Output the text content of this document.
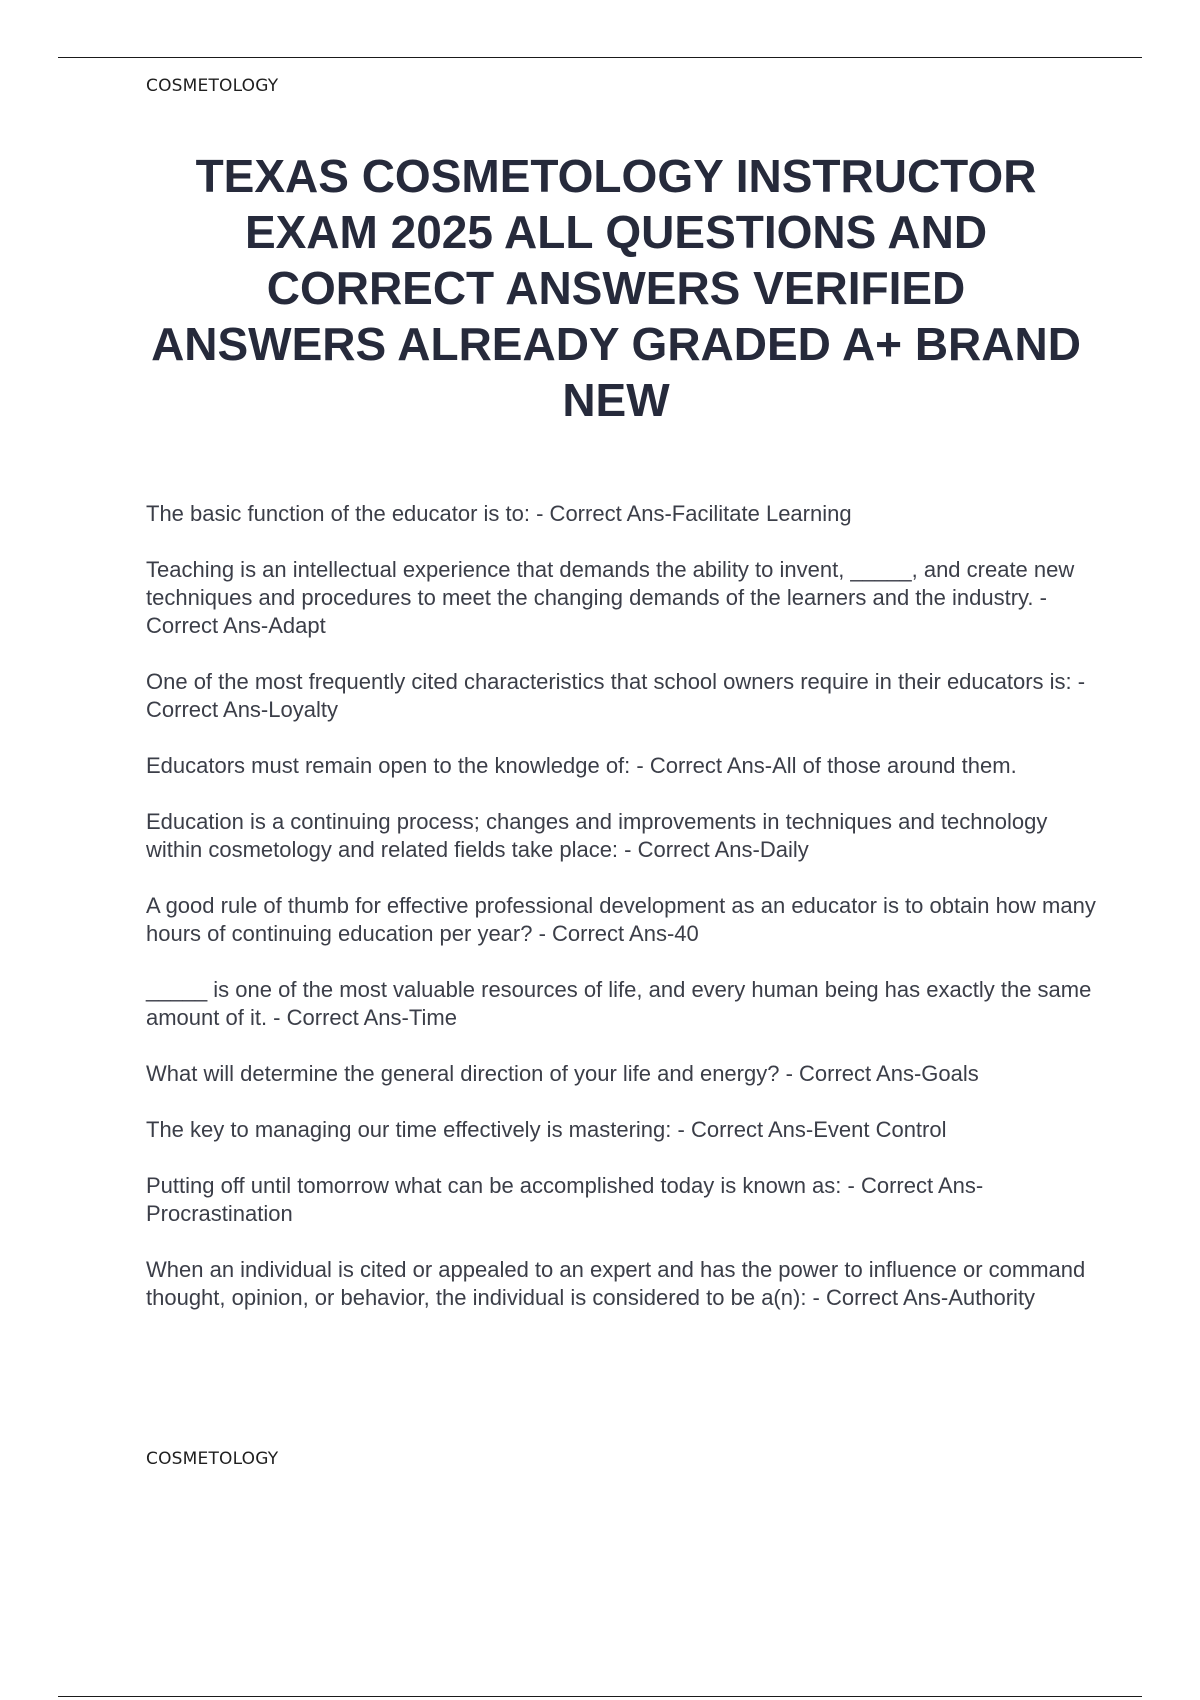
COSMETOLOGY
TEXAS COSMETOLOGY INSTRUCTOR EXAM 2025 ALL QUESTIONS AND CORRECT ANSWERS VERIFIED ANSWERS ALREADY GRADED A+ BRAND NEW
The basic function of the educator is to: - Correct Ans-Facilitate Learning
Teaching is an intellectual experience that demands the ability to invent, _____, and create new techniques and procedures to meet the changing demands of the learners and the industry. - Correct Ans-Adapt
One of the most frequently cited characteristics that school owners require in their educators is: - Correct Ans-Loyalty
Educators must remain open to the knowledge of: - Correct Ans-All of those around them.
Education is a continuing process; changes and improvements in techniques and technology within cosmetology and related fields take place: - Correct Ans-Daily
A good rule of thumb for effective professional development as an educator is to obtain how many hours of continuing education per year? - Correct Ans-40
_____ is one of the most valuable resources of life, and every human being has exactly the same amount of it. - Correct Ans-Time
What will determine the general direction of your life and energy? - Correct Ans-Goals
The key to managing our time effectively is mastering: - Correct Ans-Event Control
Putting off until tomorrow what can be accomplished today is known as: - Correct Ans-Procrastination
When an individual is cited or appealed to an expert and has the power to influence or command thought, opinion, or behavior, the individual is considered to be a(n): - Correct Ans-Authority
COSMETOLOGY
